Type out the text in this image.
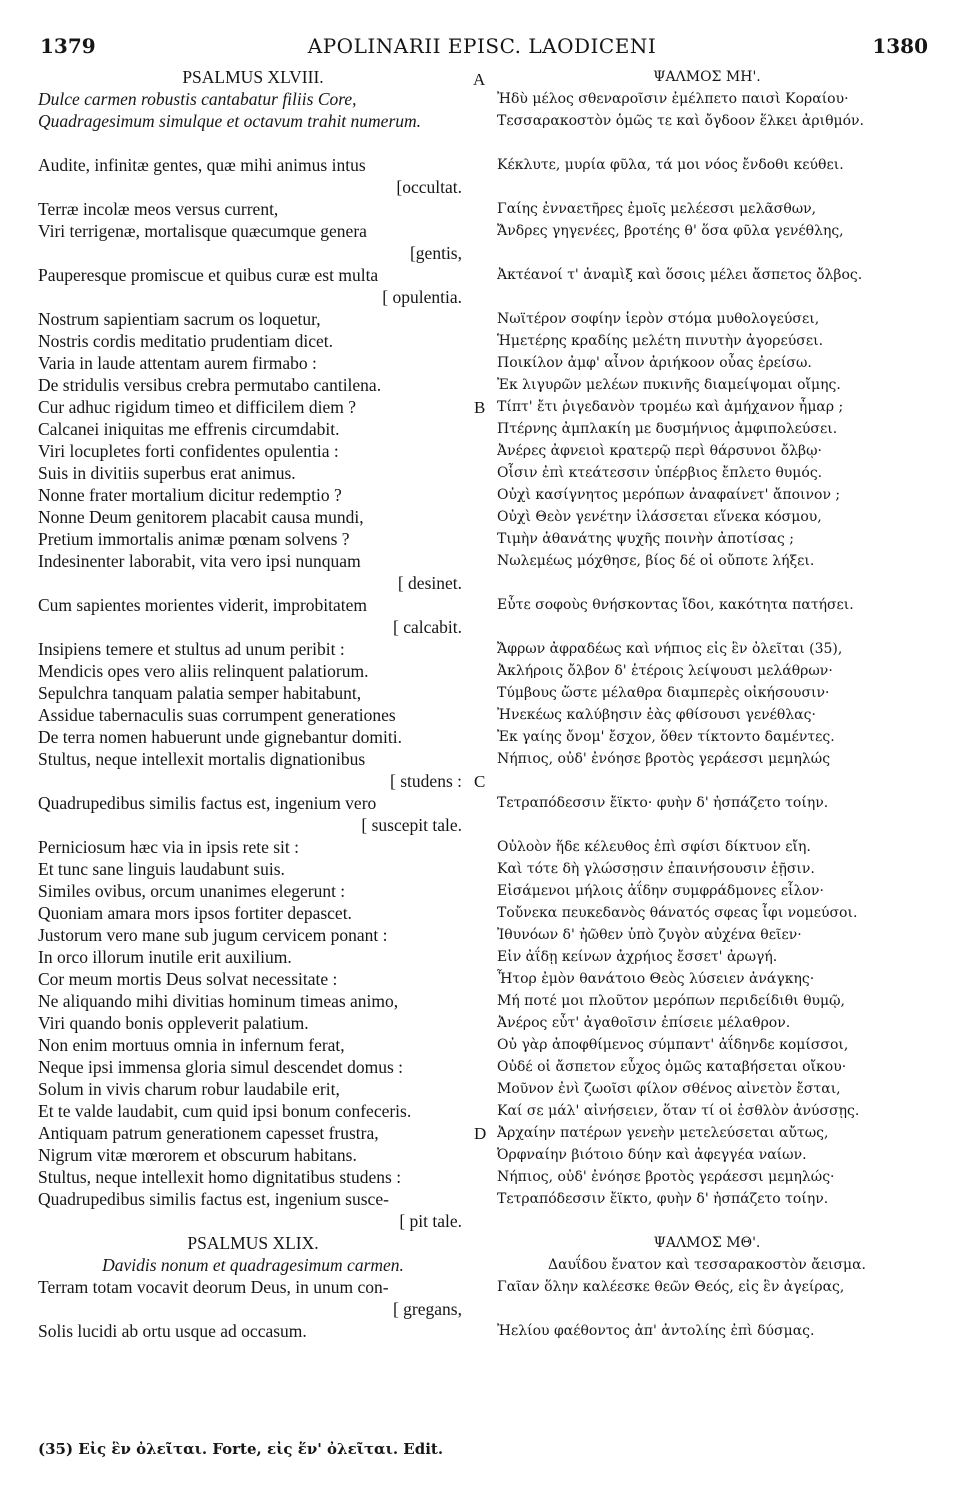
APOLINARII EPISC. LAODICENI
1379	1380
PSALMUS XLVIII.
Dulce carmen robustis cantabatur filiis Core,
Quadragesimum simulque et octavum trahit numerum.
Audite, infinitæ gentes, quæ mihi animus intus
[occultat.
Terræ incolæ meos versus current,
Viri terrigenæ, mortalisque quæcumque genera
[gentis,
Pauperesque promiscue et quibus curæ est multa
[ opulentia.
Nostrum sapientiam sacrum os loquetur,
Nostris cordis meditatio prudentiam dicet.
Varia in laude attentam aurem firmabo :
De stridulis versibus crebra permutabo cantilena.
Cur adhuc rigidum timeo et difficilem diem ?
Calcanei iniquitas me effrenis circumdabit.
Viri locupletes forti confidentes opulentia :
Suis in divitiis superbus erat animus.
Nonne frater mortalium dicitur redemptio ?
Nonne Deum genitorem placabit causa mundi,
Pretium immortalis animæ pœnam solvens ?
Indesinenter laborabit, vita vero ipsi nunquam
[ desinet.
Cum sapientes morientes viderit, improbitatem
[ calcabit.
Insipiens temere et stultus ad unum peribit :
Mendicis opes vero aliis relinquent palatiorum.
Sepulchra tanquam palatia semper habitabunt,
Assidue tabernaculis suas corrumpent generationes
De terra nomen habuerunt unde gignebantur domiti.
Stultus, neque intellexit mortalis dignationibus
[ studens :
Quadrupedibus similis factus est, ingenium vero
[ suscepit tale.
Perniciosum hæc via in ipsis rete sit :
Et tunc sane linguis laudabunt suis.
Similes ovibus, orcum unanimes elegerunt :
Quoniam amara mors ipsos fortiter depascet.
Justorum vero mane sub jugum cervicem ponant :
In orco illorum inutile erit auxilium.
Cor meum mortis Deus solvat necessitate :
Ne aliquando mihi divitias hominum timeas animo,
Viri quando bonis oppleverit palatium.
Non enim mortuus omnia in infernum ferat,
Neque ipsi immensa gloria simul descendet domus :
Solum in vivis charum robur laudabile erit,
Et te valde laudabit, cum quid ipsi bonum confeceris.
Antiquam patrum generationem capesset frustra,
Nigrum vitæ mœrorem et obscurum habitans.
Stultus, neque intellexit homo dignitatibus studens :
Quadrupedibus similis factus est, ingenium susce-
[ pit tale.
PSALMUS XLIX.
Davidis nonum et quadragesimum carmen.
Terram totam vocavit deorum Deus, in unum con-
[ gregans,
Solis lucidi ab ortu usque ad occasum.
ΨΑΛΜΟΣ ΜΗ'.
Ἠδὺ μέλος σθεναροῖσιν ἐμέλπετο παισὶ Κοραίου·
Τεσσαρακοστὸν ὁμῶς τε καὶ ὄγδοον ἕλκει ἀριθμόν.
Κέκλυτε, μυρία φῦλα, τά μοι νόος ἔνδοθι κεύθει.
Γαίης ἐνναετῆρες ἐμοῖς μελέεσσι μελᾶσθων,
Ἄνδρες γηγενέες, βροτέης θ' ὅσα φῦλα γενέθλης,
Ἀκτέανοί τ' ἀναμὶξ καὶ ὅσοις μέλει ἄσπετος ὄλβος.
Νωϊτέρον σοφίην ἱερὸν στόμα μυθολογεύσει,
Ἡμετέρης κραδίης μελέτη πινυτὴν ἀγορεύσει.
Ποικίλον ἀμφ' αἶνον ἀριήκοον οὖας ἐρείσω.
Ἐκ λιγυρῶν μελέων πυκινῆς διαμείψομαι οἴμης.
Τίπτ' ἔτι ῥιγεδανὸν τρομέω καὶ ἀμήχανον ἦμαρ ;
Πτέρνης ἀμπλακίη με δυσμήνιος ἀμφιπολεύσει.
Ἀνέρες ἀφνειοὶ κρατερῷ περὶ θάρσυνοι ὄλβῳ·
Οἷσιν ἐπὶ κτεάτεσσιν ὑπέρβιος ἔπλετο θυμός.
Οὐχὶ κασίγνητος μερόπων ἀναφαίνετ' ἄποινον ;
Οὐχὶ Θεὸν γενέτην ἱλάσσεται εἵνεκα κόσμου,
Τιμὴν ἀθανάτης ψυχῆς ποινὴν ἀποτίσας ;
Νωλεμέως μόχθησε, βίος δέ οἱ οὔποτε λήξει.
Εὖτε σοφοὺς θνήσκοντας ἴδοι, κακότητα πατήσει.
Ἄφρων ἀφραδέως καὶ νήπιος εἰς ἓν ὀλεῖται (35),
Ἀκλήροις ὄλβον δ' ἑτέροις λείψουσι μελάθρων·
Τύμβους ὥστε μέλαθρα διαμπερὲς οἰκήσουσιν·
Ἠνεκέως καλύβησιν ἑὰς φθίσουσι γενέθλας·
Ἐκ γαίης ὄνομ' ἔσχον, ὅθεν τίκτοντο δαμέντες.
Νήπιος, οὐδ' ἐνόησε βροτὸς γεράεσσι μεμηλώς
Τετραπόδεσσιν ἔϊκτο· φυὴν δ' ἠσπάζετο τοίην.
Οὐλοὸν ἥδε κέλευθος ἐπὶ σφίσι δίκτυον εἴη.
Καὶ τότε δὴ γλώσσῃσιν ἐπαινήσουσιν ἑῇσιν.
Εἰσάμενοι μήλοις ἀΐδην συμφράδμονες εἷλον·
Τοὔνεκα πευκεδανὸς θάνατός σφεας ἶφι νομεύσοι.
Ἰθυνόων δ' ἠῶθεν ὑπὸ ζυγὸν αὐχένα θεῖεν·
Εἰν ἀΐδῃ κείνων ἀχρήιος ἔσσετ' ἀρωγή.
Ἦτορ ἐμὸν θανάτοιο Θεὸς λύσειεν ἀνάγκης·
Μή ποτέ μοι πλοῦτον μερόπων περιδείδιθι θυμῷ,
Ἀνέρος εὖτ' ἀγαθοῖσιν ἐπίσειε μέλαθρον.
Οὐ γὰρ ἀποφθίμενος σύμπαντ' ἀΐδηνδε κομίσσοι,
Οὐδέ οἱ ἄσπετον εὖχος ὁμῶς καταβήσεται οἴκου·
Μοῦνον ἐνὶ ζωοῖσι φίλον σθένος αἰνετὸν ἔσται,
Καί σε μάλ' αἰνήσειεν, ὅταν τί οἱ ἐσθλὸν ἀνύσσῃς.
Ἀρχαίην πατέρων γενεὴν μετελεύσεται αὔτως,
Ὀρφναίην βιότοιο δύην καὶ ἀφεγγέα ναίων.
Νήπιος, οὐδ' ἐνόησε βροτὸς γεράεσσι μεμηλώς·
Τετραπόδεσσιν ἔϊκτο, φυὴν δ' ἠσπάζετο τοίην.
ΨΑΛΜΟΣ ΜΘ'.
Δαυΐδου ἔνατον καὶ τεσσαρακοστὸν ἄεισμα.
Γαῖαν ὅλην καλέεσκε θεῶν Θεός, εἰς ἓν ἀγείρας,
Ἠελίου φαέθοντος ἀπ' ἀντολίης ἐπὶ δύσμας.
A
B
C
D
(35) Εἰς ἓν ὀλεῖται. Forte, εἰς ἕν' ὀλεῖται. Edit.
